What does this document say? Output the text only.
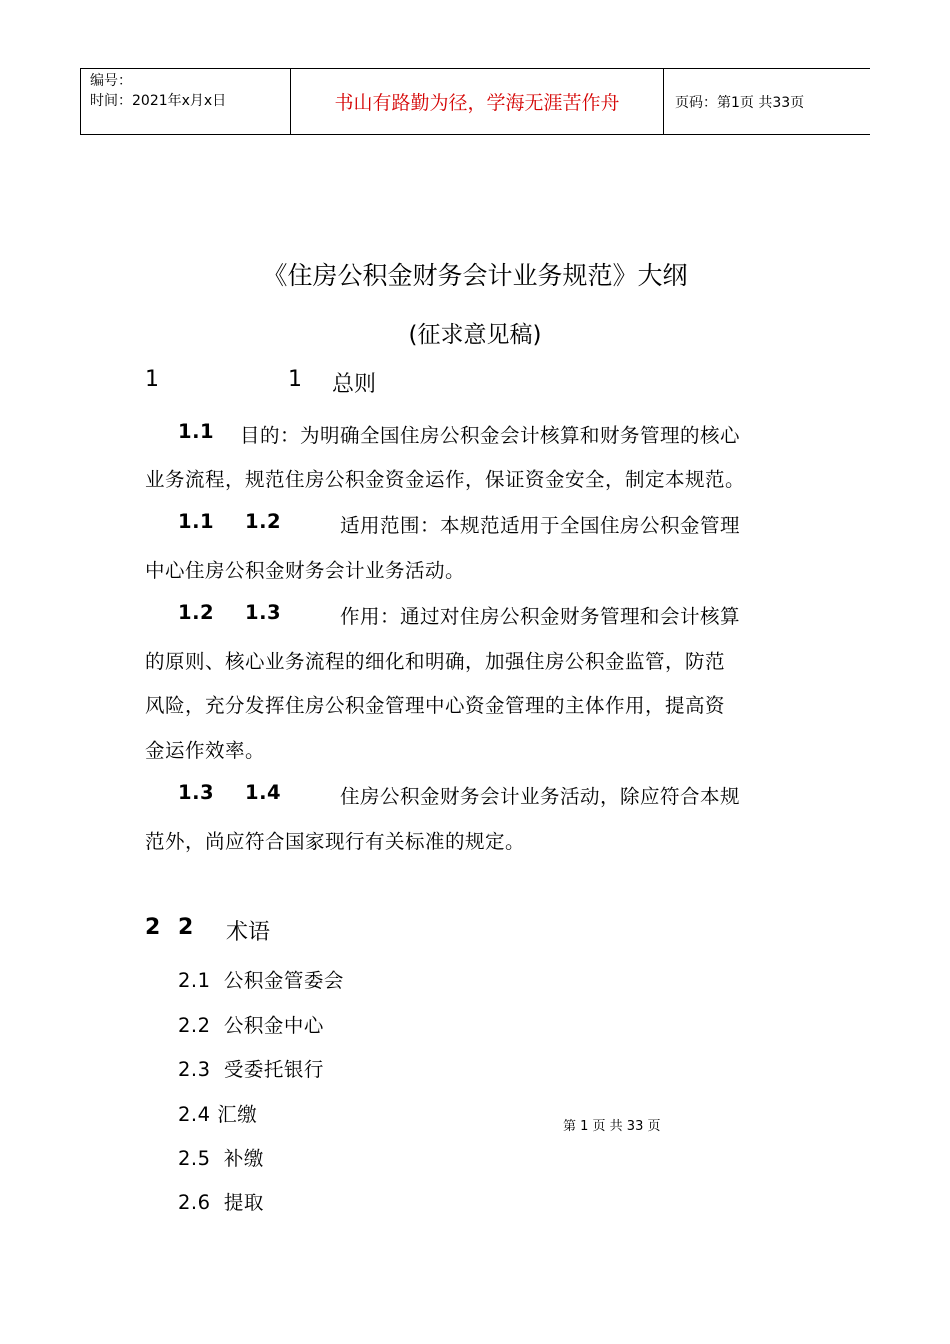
编号：
时间：2021年x月x日	书山有路勤为径，学海无涯苦作舟	页码：第1页 共33页
《住房公积金财务会计业务规范》大纲
(征求意见稿)
1	1 总则
1.1 目的：为明确全国住房公积金会计核算和财务管理的核心
业务流程，规范住房公积金资金运作，保证资金安全，制定本规范。
1.1 1.2	适用范围：本规范适用于全国住房公积金管理
中心住房公积金财务会计业务活动。
1.2 1.3	作用：通过对住房公积金财务管理和会计核算
的原则、核心业务流程的细化和明确，加强住房公积金监管，防范
风险，充分发挥住房公积金管理中心资金管理的主体作用，提高资
金运作效率。
1.3 1.4	住房公积金财务会计业务活动，除应符合本规
范外，尚应符合国家现行有关标准的规定。
2 2 术语
2.1  公积金管委会
2.2  公积金中心
2.3  受委托银行
2.4 汇缴
2.5  补缴
2.6  提取
第 1 页 共 33 页
